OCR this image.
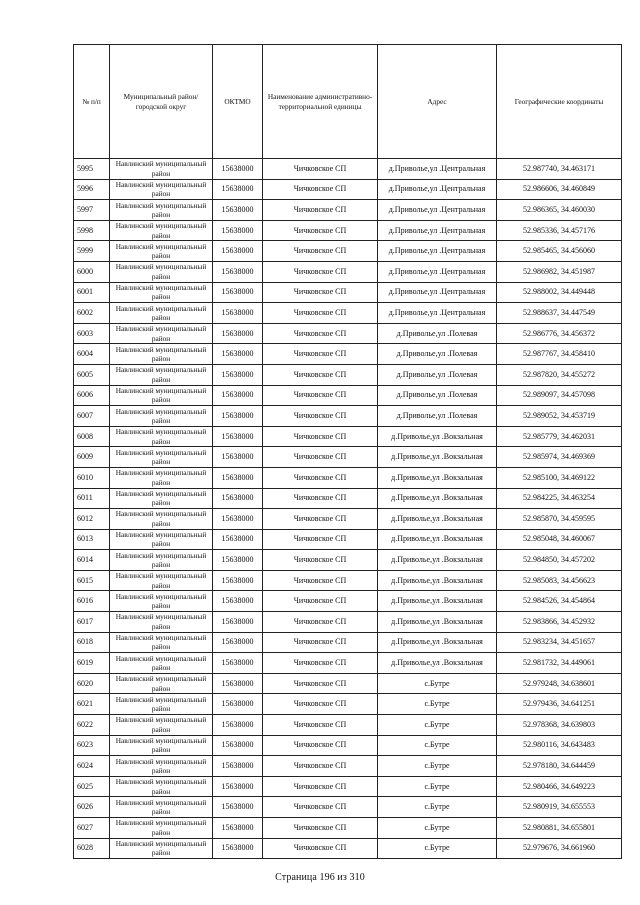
№ п/п	Муниципальный район/городской округ	ОКТМО	Наименование административно-территориальной единицы	Адрес	Географические координаты
5995	Навлинский муниципальный район	15638000	Чичковское СП	д.Привольe,ул .Центральная	52.987740, 34.463171
5996	Навлинский муниципальный район	15638000	Чичковское СП	д.Привольe,ул .Центральная	52.986606, 34.460849
5997	Навлинский муниципальный район	15638000	Чичковское СП	д.Привольe,ул .Центральная	52.986365, 34.460030
5998	Навлинский муниципальный район	15638000	Чичковское СП	д.Привольe,ул .Центральная	52.985336, 34.457176
5999	Навлинский муниципальный район	15638000	Чичковское СП	д.Привольe,ул .Центральная	52.985465, 34.456060
6000	Навлинский муниципальный район	15638000	Чичковское СП	д.Привольe,ул .Центральная	52.986982, 34.451987
6001	Навлинский муниципальный район	15638000	Чичковское СП	д.Привольe,ул .Центральная	52.988002, 34.449448
6002	Навлинский муниципальный район	15638000	Чичковское СП	д.Привольe,ул .Центральная	52.988637, 34.447549
6003	Навлинский муниципальный район	15638000	Чичковское СП	д.Привольe,ул .Полевая	52.986776, 34.456372
6004	Навлинский муниципальный район	15638000	Чичковское СП	д.Привольe,ул .Полевая	52.987767, 34.458410
6005	Навлинский муниципальный район	15638000	Чичковское СП	д.Привольe,ул .Полевая	52.987820, 34.455272
6006	Навлинский муниципальный район	15638000	Чичковское СП	д.Привольe,ул .Полевая	52.989097, 34.457098
6007	Навлинский муниципальный район	15638000	Чичковское СП	д.Привольe,ул .Полевая	52.989052, 34.453719
6008	Навлинский муниципальный район	15638000	Чичковское СП	д.Привольe,ул .Вокзальная	52.985779, 34.462031
6009	Навлинский муниципальный район	15638000	Чичковское СП	д.Привольe,ул .Вокзальная	52.985974, 34.469369
6010	Навлинский муниципальный район	15638000	Чичковское СП	д.Привольe,ул .Вокзальная	52.985100, 34.469122
6011	Навлинский муниципальный район	15638000	Чичковское СП	д.Привольe,ул .Вокзальная	52.984225, 34.463254
6012	Навлинский муниципальный район	15638000	Чичковское СП	д.Привольe,ул .Вокзальная	52.985870, 34.459595
6013	Навлинский муниципальный район	15638000	Чичковское СП	д.Привольe,ул .Вокзальная	52.985048, 34.460067
6014	Навлинский муниципальный район	15638000	Чичковское СП	д.Привольe,ул .Вокзальная	52.984850, 34.457202
6015	Навлинский муниципальный район	15638000	Чичковское СП	д.Привольe,ул .Вокзальная	52.985083, 34.456623
6016	Навлинский муниципальный район	15638000	Чичковское СП	д.Привольe,ул .Вокзальная	52.984526, 34.454864
6017	Навлинский муниципальный район	15638000	Чичковское СП	д.Привольe,ул .Вокзальная	52.983866, 34.452932
6018	Навлинский муниципальный район	15638000	Чичковское СП	д.Привольe,ул .Вокзальная	52.983234, 34.451657
6019	Навлинский муниципальный район	15638000	Чичковское СП	д.Привольe,ул .Вокзальная	52.981732, 34.449061
6020	Навлинский муниципальный район	15638000	Чичковское СП	с.Бутре	52.979248, 34.638601
6021	Навлинский муниципальный район	15638000	Чичковское СП	с.Бутре	52.979436, 34.641251
6022	Навлинский муниципальный район	15638000	Чичковское СП	с.Бутре	52.978368, 34.639803
6023	Навлинский муниципальный район	15638000	Чичковское СП	с.Бутре	52.980116, 34.643483
6024	Навлинский муниципальный район	15638000	Чичковское СП	с.Бутре	52.978180, 34.644459
6025	Навлинский муниципальный район	15638000	Чичковское СП	с.Бутре	52.980466, 34.649223
6026	Навлинский муниципальный район	15638000	Чичковское СП	с.Бутре	52.980919, 34.655553
6027	Навлинский муниципальный район	15638000	Чичковское СП	с.Бутре	52.980881, 34.655801
6028	Навлинский муниципальный район	15638000	Чичковское СП	с.Бутре	52.979676, 34.661960
Страница 196 из 310
